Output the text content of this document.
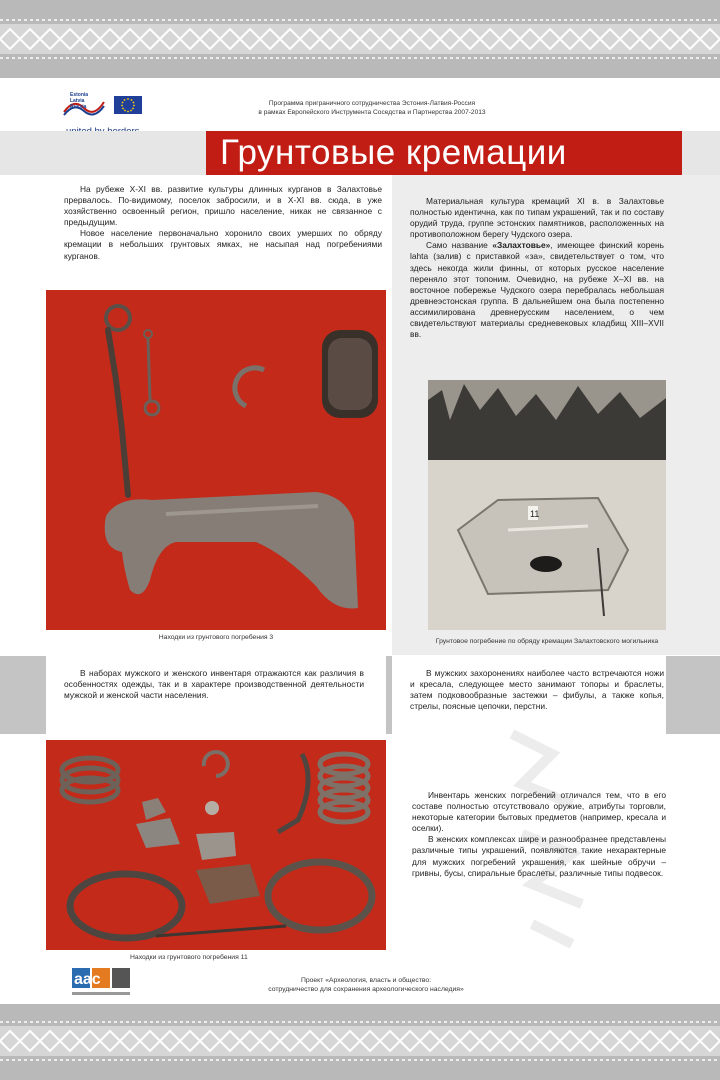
Estonia
Latvia
Russia	Программа приграничного сотрудничества Эстония-Латвия-Россия
в рамках Европейского Инструмента Соседства и Партнерства 2007-2013
Грунтовые кремации

На рубеже X-XI вв. развитие культуры длинных курганов в Залахтовье прервалось. По-видимому, поселок забросили, и в X-XI вв. сюда, в уже хозяйственно освоенный регион, пришло население, никак не связанное с предыдущим.

Новое население первоначально хоронило своих умерших по обряду кремации в небольших грунтовых ямках, не насыпая над погребениями курганов.

Материальная культура кремаций XI в. в Залахтовье полностью идентична, как по типам украшений, так и по составу орудий труда, группе эстонских памятников, расположенных на противоположном берегу Чудского озера.

Само название «Залахтовье», имеющее финский корень lahta (залив) с приставкой «за», свидетельствует о том, что здесь некогда жили финны, от которых русское население переняло этот топоним. Очевидно, на рубеже X–XI вв. на восточное побережье Чудского озера перебралась небольшая древнеэстонская группа. В дальнейшем она была постепенно ассимилирована древнерусским населением, о чем свидетельствуют материалы средневековых кладбищ XIII–XVII вв.

Находки из грунтового погребения 3
11
Грунтовое погребение по обряду кремации Залахтовского могильника

В наборах мужского и женского инвентаря отражаются как различия в особенностях одежды, так и в характере производственной деятельности мужской и женской части населения.

В мужских захоронениях наиболее часто встречаются ножи и кресала, следующее место занимают топоры и браслеты, затем подковообразные застежки – фибулы, а также копья, стрелы, поясные цепочки, перстни.

Находки из грунтового погребения 11

Инвентарь женских погребений отличался тем, что в его составе полностью отсутствовало оружие, атрибуты торговли, некоторые категории бытовых предметов (например, кресала и оселки).

В женских комплексах шире и разнообразнее представлены различные типы украшений, появляются такие нехарактерные для мужских погребений украшения, как шейные обручи – гривны, бусы, спиральные браслеты, различные типы подвесок.

aac	Проект «Археология, власть и общество:
сотрудничество для сохранения археологического наследия»
